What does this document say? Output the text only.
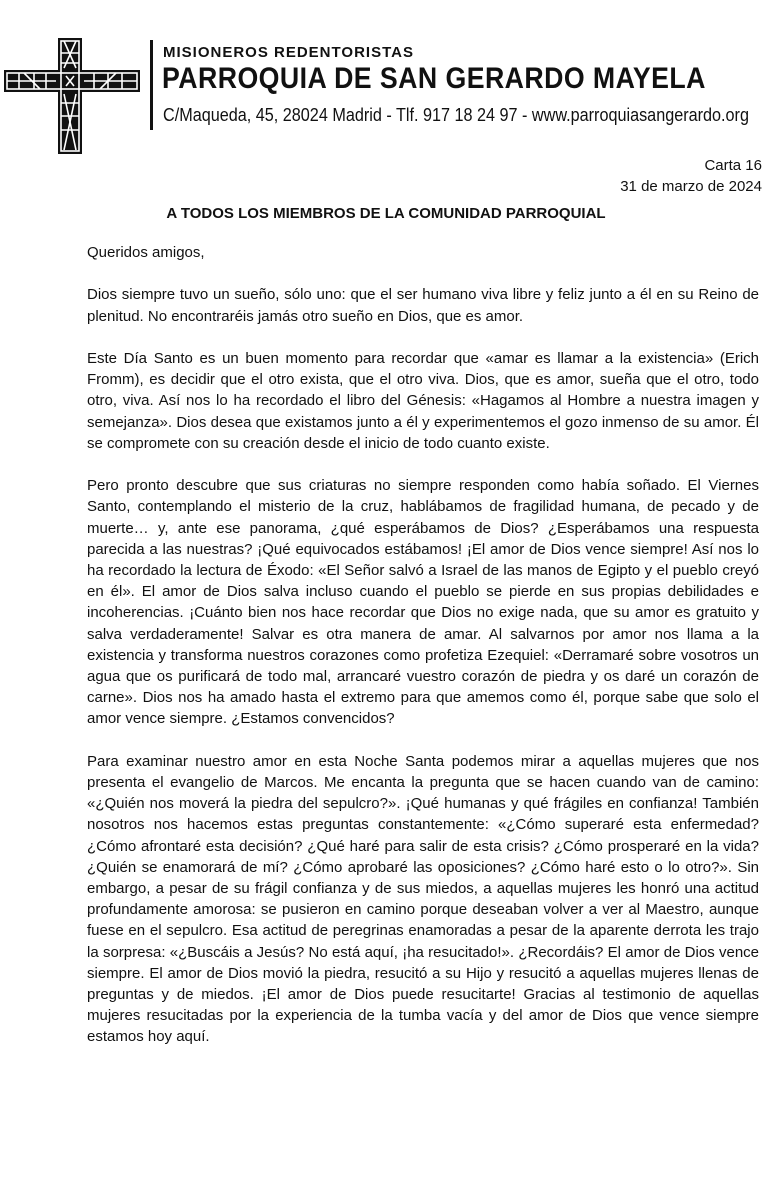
MISIONEROS REDENTORISTAS
PARROQUIA DE SAN GERARDO MAYELA
C/Maqueda, 45, 28024 Madrid - Tlf. 917 18 24 97 - www.parroquiasangerardo.org
Carta 16
31 de marzo de 2024
A TODOS LOS MIEMBROS DE LA COMUNIDAD PARROQUIAL

Queridos amigos,

Dios siempre tuvo un sueño, sólo uno: que el ser humano viva libre y feliz junto a él en su Reino de plenitud. No encontraréis jamás otro sueño en Dios, que es amor.

Este Día Santo es un buen momento para recordar que «amar es llamar a la existencia» (Erich Fromm), es decidir que el otro exista, que el otro viva. Dios, que es amor, sueña que el otro, todo otro, viva. Así nos lo ha recordado el libro del Génesis: «Hagamos al Hombre a nuestra imagen y semejanza». Dios desea que existamos junto a él y experimentemos el gozo inmenso de su amor. Él se compromete con su creación desde el inicio de todo cuanto existe.

Pero pronto descubre que sus criaturas no siempre responden como había soñado. El Viernes Santo, contemplando el misterio de la cruz, hablábamos de fragilidad humana, de pecado y de muerte… y, ante ese panorama, ¿qué esperábamos de Dios? ¿Esperábamos una respuesta parecida a las nuestras? ¡Qué equivocados estábamos! ¡El amor de Dios vence siempre! Así nos lo ha recordado la lectura de Éxodo: «El Señor salvó a Israel de las manos de Egipto y el pueblo creyó en él». El amor de Dios salva incluso cuando el pueblo se pierde en sus propias debilidades e incoherencias. ¡Cuánto bien nos hace recordar que Dios no exige nada, que su amor es gratuito y salva verdaderamente! Salvar es otra manera de amar. Al salvarnos por amor nos llama a la existencia y transforma nuestros corazones como profetiza Ezequiel: «Derramaré sobre vosotros un agua que os purificará de todo mal, arrancaré vuestro corazón de piedra y os daré un corazón de carne». Dios nos ha amado hasta el extremo para que amemos como él, porque sabe que solo el amor vence siempre. ¿Estamos convencidos?

Para examinar nuestro amor en esta Noche Santa podemos mirar a aquellas mujeres que nos presenta el evangelio de Marcos. Me encanta la pregunta que se hacen cuando van de camino: «¿Quién nos moverá la piedra del sepulcro?». ¡Qué humanas y qué frágiles en confianza! También nosotros nos hacemos estas preguntas constantemente: «¿Cómo superaré esta enfermedad? ¿Cómo afrontaré esta decisión? ¿Qué haré para salir de esta crisis? ¿Cómo prosperaré en la vida? ¿Quién se enamorará de mí? ¿Cómo aprobaré las oposiciones? ¿Cómo haré esto o lo otro?». Sin embargo, a pesar de su frágil confianza y de sus miedos, a aquellas mujeres les honró una actitud profundamente amorosa: se pusieron en camino porque deseaban volver a ver al Maestro, aunque fuese en el sepulcro. Esa actitud de peregrinas enamoradas a pesar de la aparente derrota les trajo la sorpresa: «¿Buscáis a Jesús? No está aquí, ¡ha resucitado!». ¿Recordáis? El amor de Dios vence siempre. El amor de Dios movió la piedra, resucitó a su Hijo y resucitó a aquellas mujeres llenas de preguntas y de miedos. ¡El amor de Dios puede resucitarte! Gracias al testimonio de aquellas mujeres resucitadas por la experiencia de la tumba vacía y del amor de Dios que vence siempre estamos hoy aquí.
